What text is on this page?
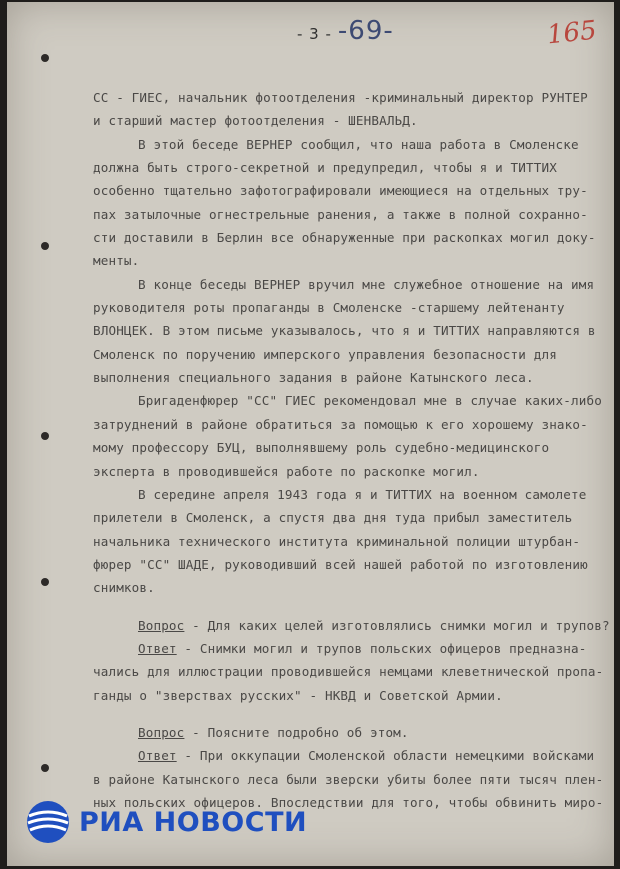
- 3 - -69-	165
СС - ГИЕС, начальник фотоотделения -криминальный директор РУНТЕР
и старший мастер фотоотделения - ШЕНВАЛЬД.
В этой беседе ВЕРНЕР сообщил, что наша работа в Смоленске
должна быть строго-секретной и предупредил, чтобы я и ТИТТИХ
особенно тщательно зафотографировали имеющиеся на отдельных тру-
пах затылочные огнестрельные ранения, а также в полной сохранно-
сти доставили в Берлин все обнаруженные при раскопках могил доку-
менты.
В конце беседы ВЕРНЕР вручил мне служебное отношение на имя
руководителя роты пропаганды в Смоленске -старшему лейтенанту
ВЛОНЦЕК. В этом письме указывалось, что я и ТИТТИХ направляются в
Смоленск по поручению имперского управления безопасности для
выполнения специального задания в районе Катынского леса.
Бригаденфюрер "СС" ГИЕС рекомендовал мне в случае каких-либо
затруднений в районе обратиться за помощью к его хорошему знако-
мому профессору БУЦ, выполнявшему роль судебно-медицинского
эксперта в проводившейся работе по раскопке могил.
В середине апреля 1943 года я и ТИТТИХ на военном самолете
прилетели в Смоленск, а спустя два дня туда прибыл заместитель
начальника технического института криминальной полиции штурбан-
фюрер "СС" ШАДЕ, руководивший всей нашей работой по изготовлению
снимков.
Вопрос - Для каких целей изготовлялись снимки могил и трупов?
Ответ - Снимки могил и трупов польских офицеров предназна-
чались для иллюстрации проводившейся немцами клеветнической пропа-
ганды о "зверствах русских" - НКВД и Советской Армии.
Вопрос - Поясните подробно об этом.
Ответ - При оккупации Смоленской области немецкими войсками
в районе Катынского леса были зверски убиты более пяти тысяч плен-
ных польских офицеров. Впоследствии для того, чтобы обвинить миро-
РИА НОВОСТИ
